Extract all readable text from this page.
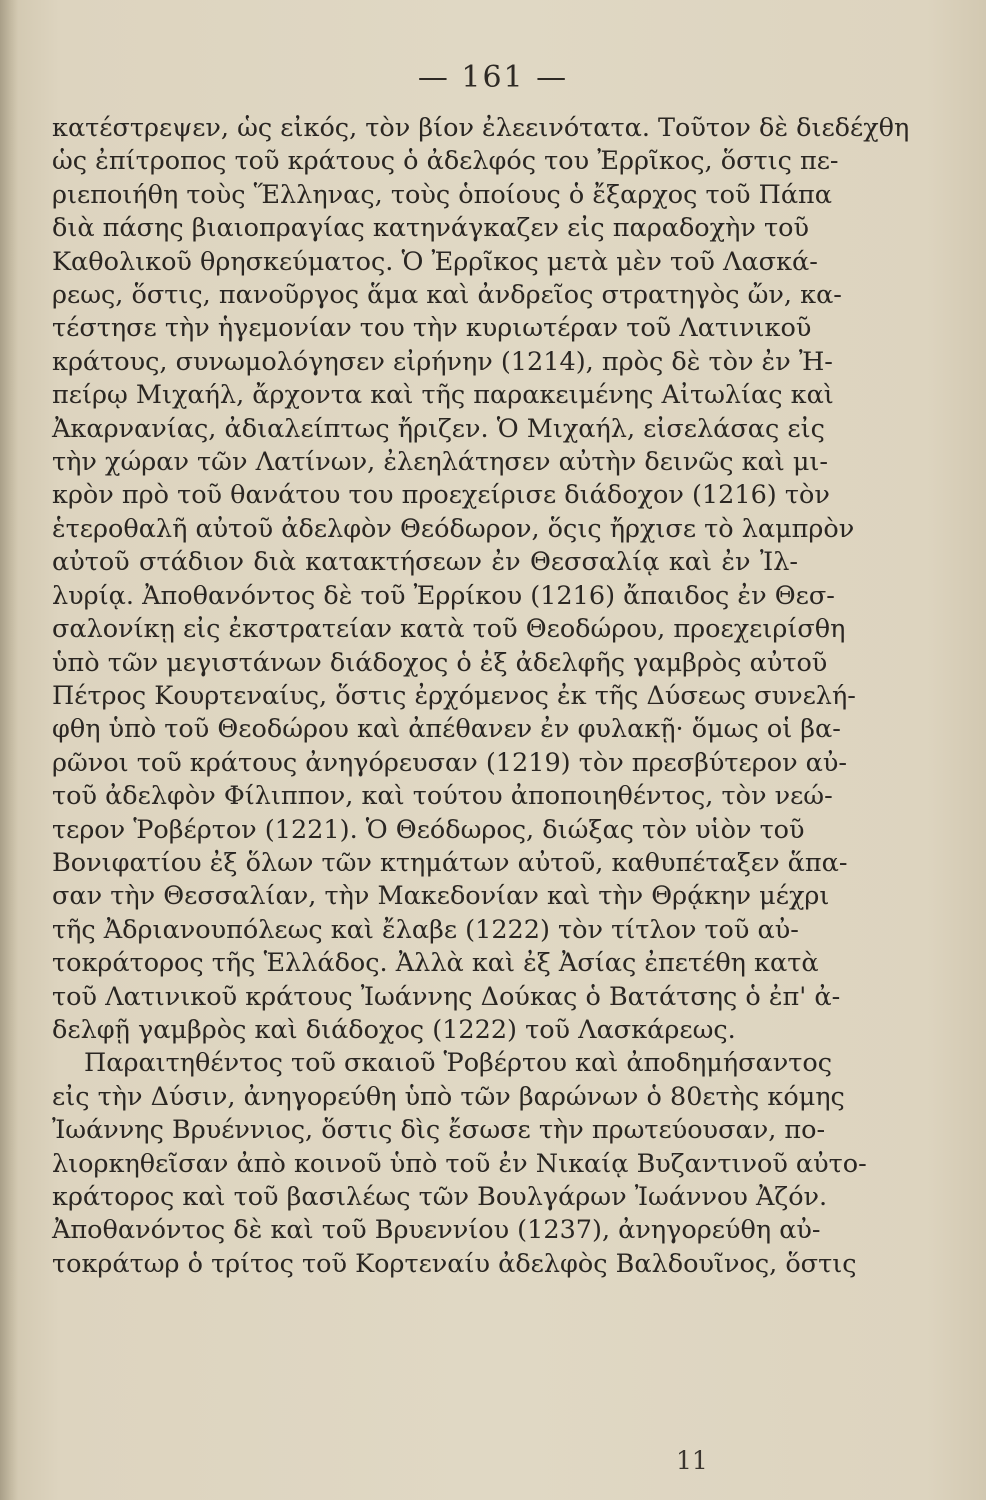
— 161 —
κατέστρεψεν, ὡς εἰκός, τὸν βίον ἐλεεινότατα. Τοῦτον δὲ διεδέχθη
ὡς ἐπίτροπος τοῦ κράτους ὁ ἀδελφός του Ἐρρῖκος, ὅστις πε-
ριεποιήθη τοὺς Ἕλληνας, τοὺς ὁποίους ὁ ἔξαρχος τοῦ Πάπα
διὰ πάσης βιαιοπραγίας κατηνάγκαζεν εἰς παραδοχὴν τοῦ
Καθολικοῦ θρησκεύματος. Ὁ Ἐρρῖκος μετὰ μὲν τοῦ Λασκά-
ρεως, ὅστις, πανοῦργος ἅμα καὶ ἀνδρεῖος στρατηγὸς ὤν, κα-
τέστησε τὴν ἡγεμονίαν του τὴν κυριωτέραν τοῦ Λατινικοῦ
κράτους, συνωμολόγησεν εἰρήνην (1214), πρὸς δὲ τὸν ἐν Ἠ-
πείρῳ Μιχαήλ, ἄρχοντα καὶ τῆς παρακειμένης Αἰτωλίας καὶ
Ἀκαρνανίας, ἀδιαλείπτως ἤριζεν. Ὁ Μιχαήλ, εἰσελάσας εἰς
τὴν χώραν τῶν Λατίνων, ἐλεηλάτησεν αὐτὴν δεινῶς καὶ μι-
κρὸν πρὸ τοῦ θανάτου του προεχείρισε διάδοχον (1216) τὸν
ἑτεροθαλῆ αὐτοῦ ἀδελφὸν Θεόδωρον, ὅςις ἤρχισε τὸ λαμπρὸν
αὐτοῦ στάδιον διὰ κατακτήσεων ἐν Θεσσαλίᾳ καὶ ἐν Ἰλ-
λυρίᾳ. Ἀποθανόντος δὲ τοῦ Ἐρρίκου (1216) ἄπαιδος ἐν Θεσ-
σαλονίκῃ εἰς ἐκστρατείαν κατὰ τοῦ Θεοδώρου, προεχειρίσθη
ὑπὸ τῶν μεγιστάνων διάδοχος ὁ ἐξ ἀδελφῆς γαμβρὸς αὐτοῦ
Πέτρος Κουρτεναίυς, ὅστις ἐρχόμενος ἐκ τῆς Δύσεως συνελή-
φθη ὑπὸ τοῦ Θεοδώρου καὶ ἀπέθανεν ἐν φυλακῇ· ὅμως οἱ βα-
ρῶνοι τοῦ κράτους ἀνηγόρευσαν (1219) τὸν πρεσβύτερον αὐ-
τοῦ ἀδελφὸν Φίλιππον, καὶ τούτου ἀποποιηθέντος, τὸν νεώ-
τερον Ῥοβέρτον (1221). Ὁ Θεόδωρος, διώξας τὸν υἱὸν τοῦ
Βονιφατίου ἐξ ὅλων τῶν κτημάτων αὐτοῦ, καθυπέταξεν ἅπα-
σαν τὴν Θεσσαλίαν, τὴν Μακεδονίαν καὶ τὴν Θρᾴκην μέχρι
τῆς Ἀδριανουπόλεως καὶ ἔλαβε (1222) τὸν τίτλον τοῦ αὐ-
τοκράτορος τῆς Ἑλλάδος. Ἀλλὰ καὶ ἐξ Ἀσίας ἐπετέθη κατὰ
τοῦ Λατινικοῦ κράτους Ἰωάννης Δούκας ὁ Βατάτσης ὁ ἐπ' ἀ-
δελφῇ γαμβρὸς καὶ διάδοχος (1222) τοῦ Λασκάρεως.
Παραιτηθέντος τοῦ σκαιοῦ Ῥοβέρτου καὶ ἀποδημήσαντος
εἰς τὴν Δύσιν, ἀνηγορεύθη ὑπὸ τῶν βαρώνων ὁ 80ετὴς κόμης
Ἰωάννης Βρυέννιος, ὅστις δὶς ἔσωσε τὴν πρωτεύουσαν, πο-
λιορκηθεῖσαν ἀπὸ κοινοῦ ὑπὸ τοῦ ἐν Νικαίᾳ Βυζαντινοῦ αὐτο-
κράτορος καὶ τοῦ βασιλέως τῶν Βουλγάρων Ἰωάννου Ἀζόν.
Ἀποθανόντος δὲ καὶ τοῦ Βρυεννίου (1237), ἀνηγορεύθη αὐ-
τοκράτωρ ὁ τρίτος τοῦ Κορτεναίυ ἀδελφὸς Βαλδουῖνος, ὅστις
11
